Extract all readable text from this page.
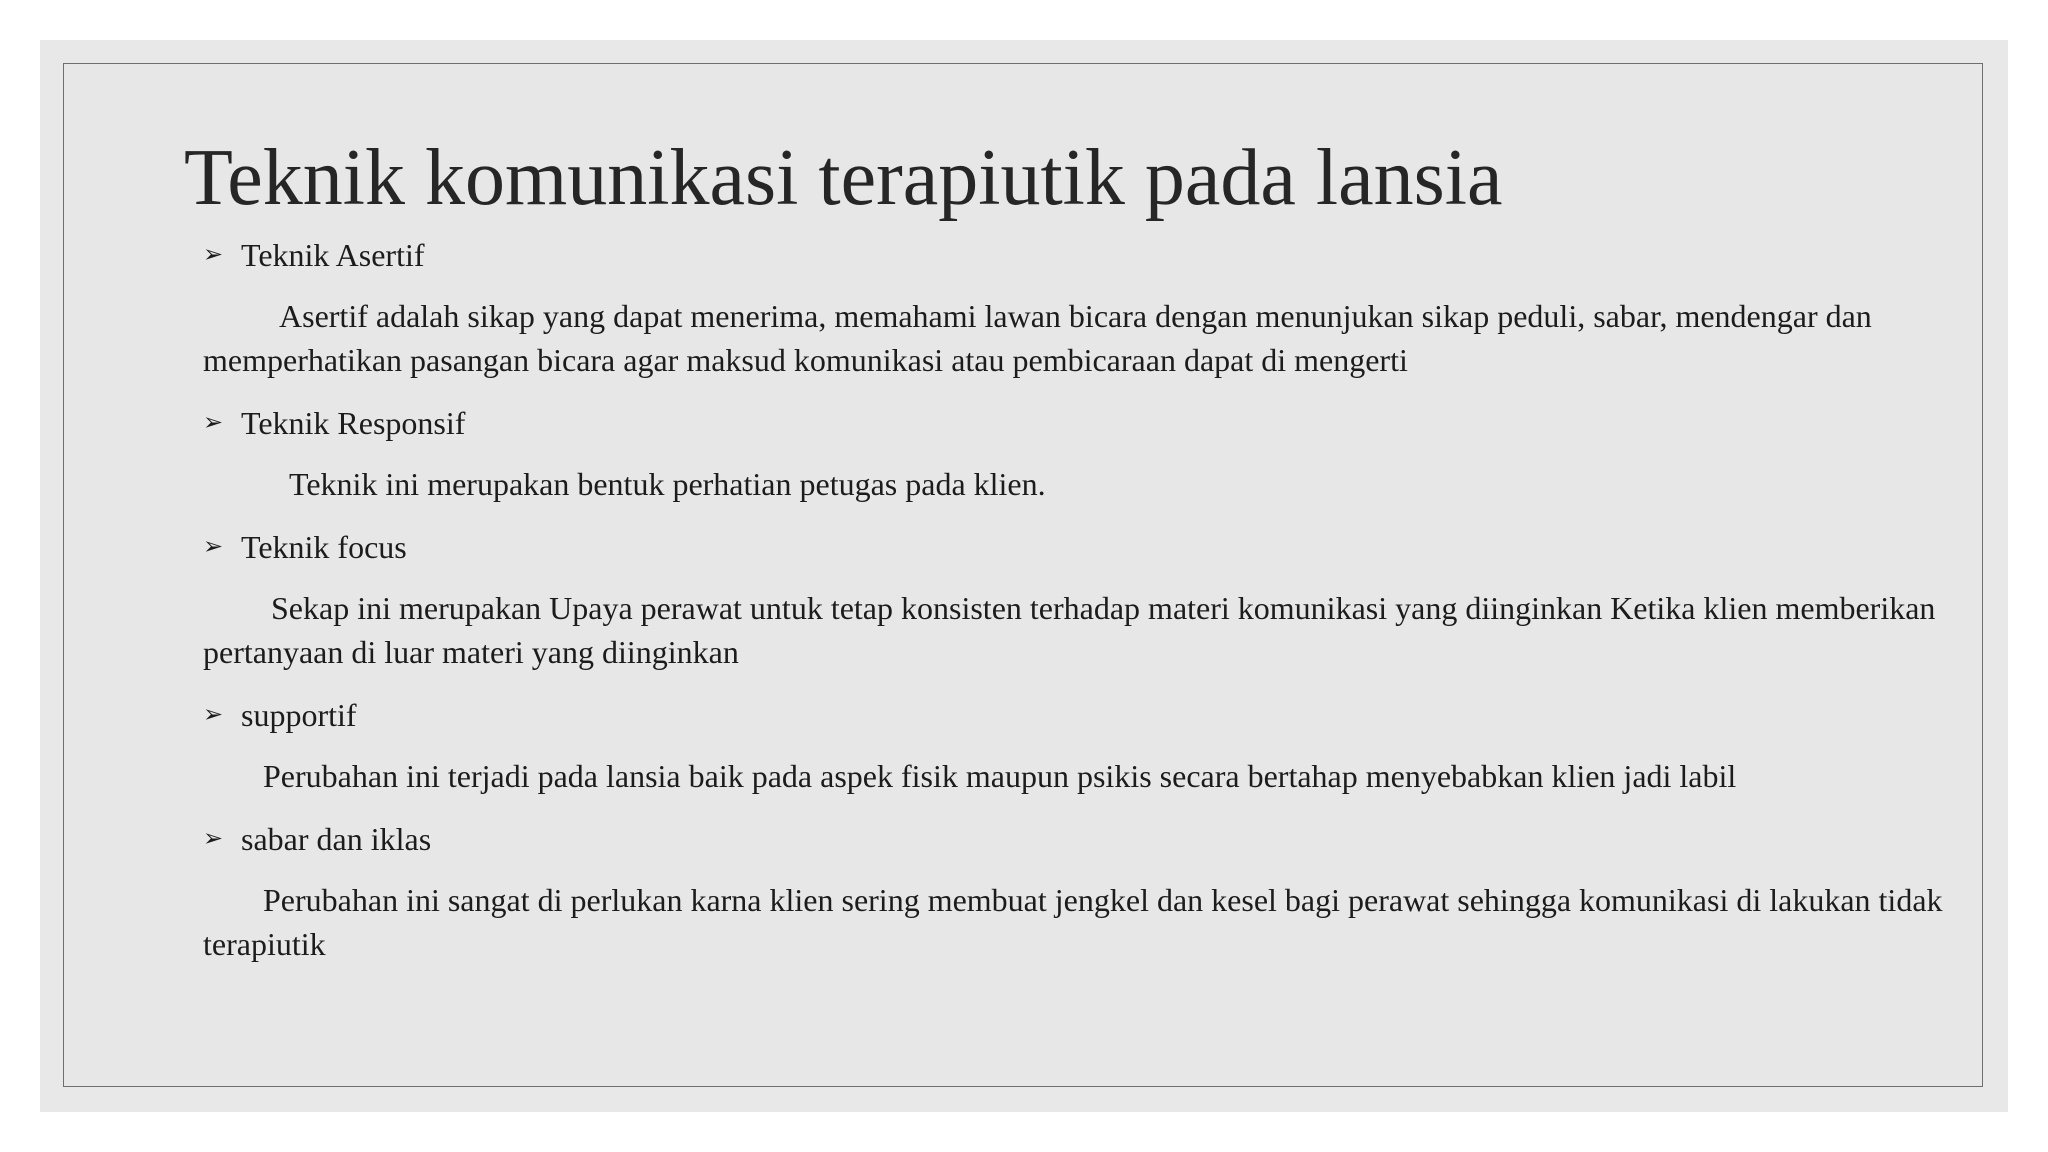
Teknik komunikasi terapiutik pada lansia
➢ Teknik Asertif

Asertif adalah sikap yang dapat menerima, memahami lawan bicara dengan menunjukan sikap peduli, sabar, mendengar dan memperhatikan pasangan bicara agar maksud komunikasi atau pembicaraan dapat di mengerti

➢ Teknik Responsif

Teknik ini merupakan bentuk perhatian petugas pada klien.

➢ Teknik focus

Sekap ini merupakan Upaya perawat untuk tetap konsisten terhadap materi komunikasi yang diinginkan Ketika klien memberikan pertanyaan di luar materi yang diinginkan

➢ supportif

Perubahan ini terjadi pada lansia baik pada aspek fisik maupun psikis secara bertahap menyebabkan klien jadi labil

➢ sabar dan iklas

Perubahan ini sangat di perlukan karna klien sering membuat jengkel dan kesel bagi perawat sehingga komunikasi di lakukan tidak terapiutik
